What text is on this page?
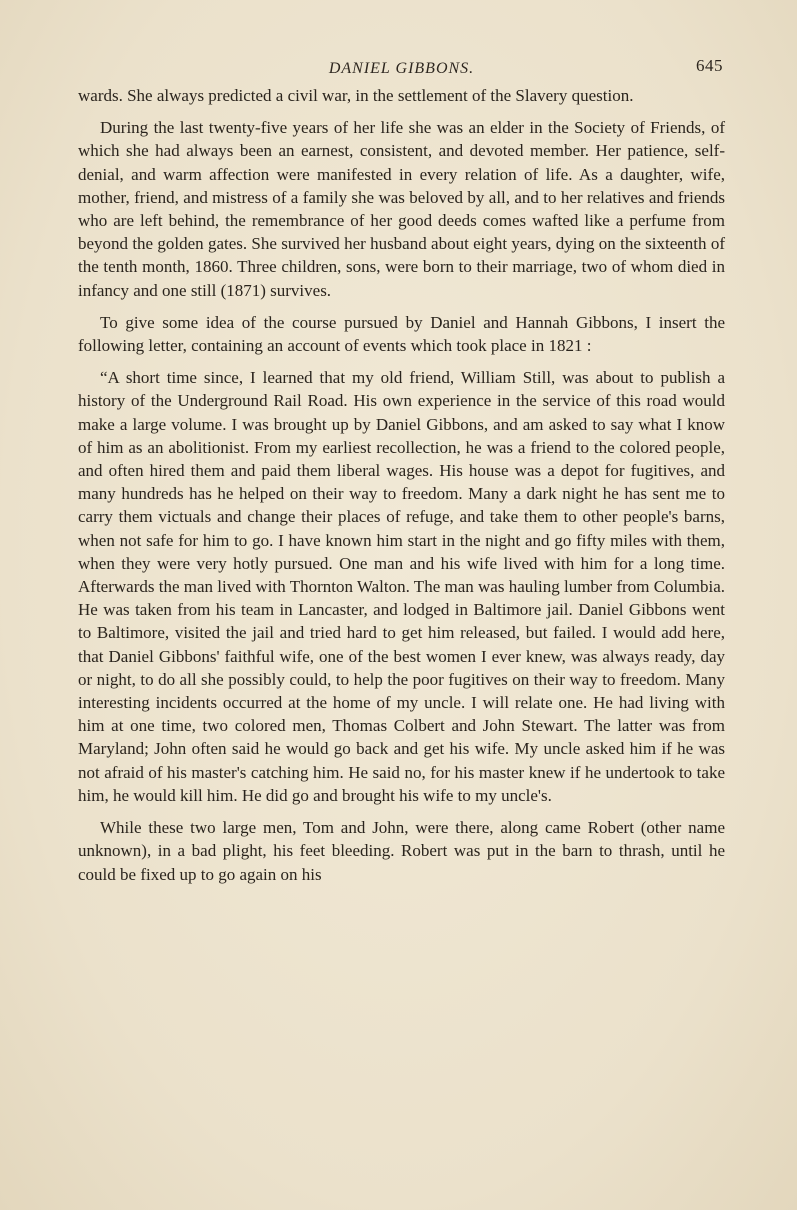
DANIEL GIBBONS.	645

wards. She always predicted a civil war, in the settlement of the Slavery question.

During the last twenty-five years of her life she was an elder in the Society of Friends, of which she had always been an earnest, consistent, and devoted member. Her patience, self-denial, and warm affection were manifested in every relation of life. As a daughter, wife, mother, friend, and mistress of a family she was beloved by all, and to her relatives and friends who are left behind, the remembrance of her good deeds comes wafted like a perfume from beyond the golden gates. She survived her husband about eight years, dying on the sixteenth of the tenth month, 1860. Three children, sons, were born to their marriage, two of whom died in infancy and one still (1871) survives.

To give some idea of the course pursued by Daniel and Hannah Gibbons, I insert the following letter, containing an account of events which took place in 1821 :

“A short time since, I learned that my old friend, William Still, was about to publish a history of the Underground Rail Road. His own experience in the service of this road would make a large volume. I was brought up by Daniel Gibbons, and am asked to say what I know of him as an abolitionist. From my earliest recollection, he was a friend to the colored people, and often hired them and paid them liberal wages. His house was a depot for fugitives, and many hundreds has he helped on their way to freedom. Many a dark night he has sent me to carry them victuals and change their places of refuge, and take them to other people's barns, when not safe for him to go. I have known him start in the night and go fifty miles with them, when they were very hotly pursued. One man and his wife lived with him for a long time. Afterwards the man lived with Thornton Walton. The man was hauling lumber from Columbia. He was taken from his team in Lancaster, and lodged in Baltimore jail. Daniel Gibbons went to Baltimore, visited the jail and tried hard to get him released, but failed. I would add here, that Daniel Gibbons' faithful wife, one of the best women I ever knew, was always ready, day or night, to do all she possibly could, to help the poor fugitives on their way to freedom. Many interesting incidents occurred at the home of my uncle. I will relate one. He had living with him at one time, two colored men, Thomas Colbert and John Stewart. The latter was from Maryland; John often said he would go back and get his wife. My uncle asked him if he was not afraid of his master's catching him. He said no, for his master knew if he undertook to take him, he would kill him. He did go and brought his wife to my uncle's.

While these two large men, Tom and John, were there, along came Robert (other name unknown), in a bad plight, his feet bleeding. Robert was put in the barn to thrash, until he could be fixed up to go again on his
